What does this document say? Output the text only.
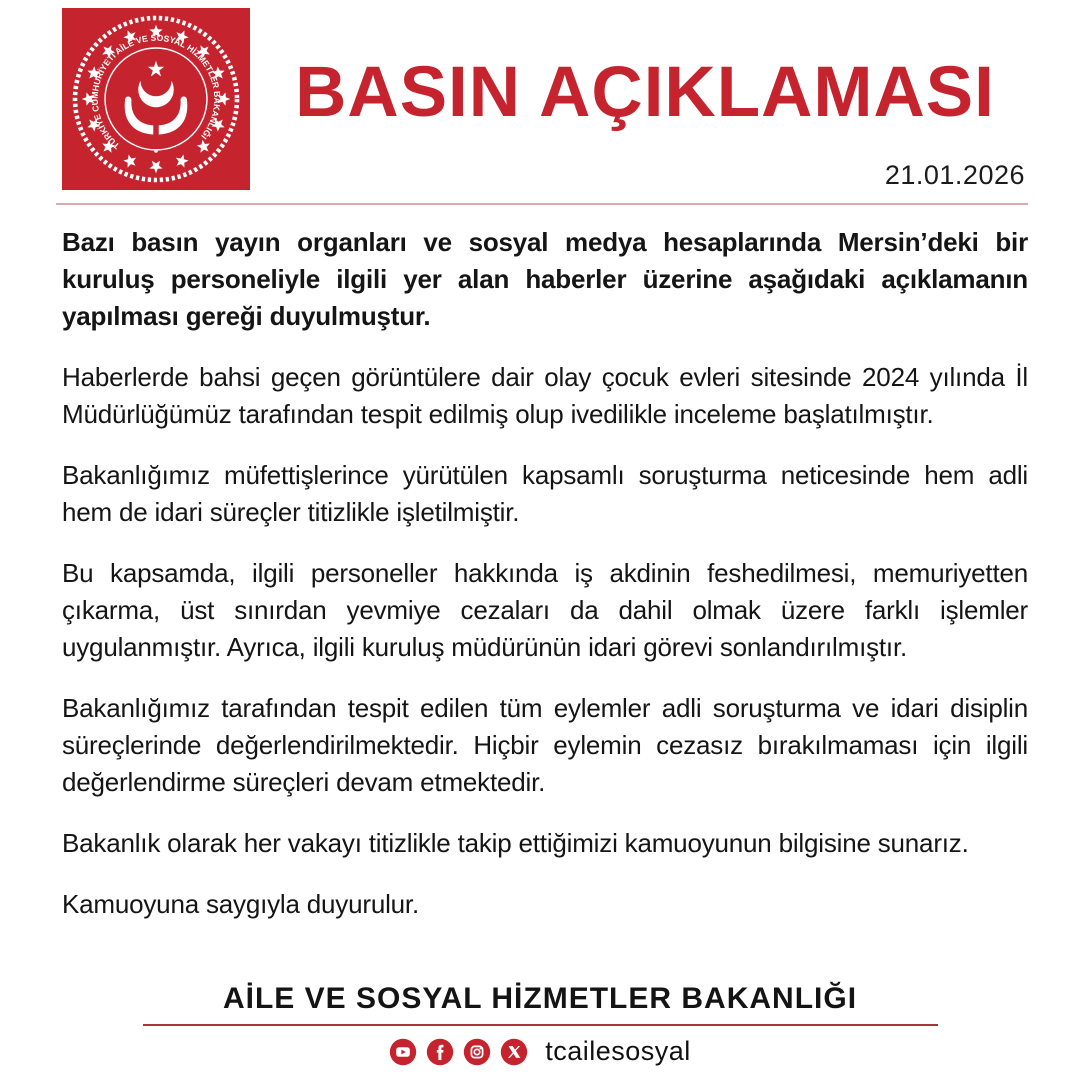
TÜRKİYE CUMHURİYETİ AİLE VE SOSYAL HİZMETLER BAKANLIĞI
BASIN AÇIKLAMASI
21.01.2026

Bazı basın yayın organları ve sosyal medya hesaplarında Mersin’deki bir kuruluş personeliyle ilgili yer alan haberler üzerine aşağıdaki açıklamanın yapılması gereği duyulmuştur.

Haberlerde bahsi geçen görüntülere dair olay çocuk evleri sitesinde 2024 yılında İl Müdürlüğümüz tarafından tespit edilmiş olup ivedilikle inceleme başlatılmıştır.

Bakanlığımız müfettişlerince yürütülen kapsamlı soruşturma neticesinde hem adli hem de idari süreçler titizlikle işletilmiştir.

Bu kapsamda, ilgili personeller hakkında iş akdinin feshedilmesi, memuriyetten çıkarma, üst sınırdan yevmiye cezaları da dahil olmak üzere farklı işlemler uygulanmıştır. Ayrıca, ilgili kuruluş müdürünün idari görevi sonlandırılmıştır.

Bakanlığımız tarafından tespit edilen tüm eylemler adli soruşturma ve idari disiplin süreçlerinde değerlendirilmektedir. Hiçbir eylemin cezasız bırakılmaması için ilgili değerlendirme süreçleri devam etmektedir.

Bakanlık olarak her vakayı titizlikle takip ettiğimizi kamuoyunun bilgisine sunarız.

Kamuoyuna saygıyla duyurulur.

AİLE VE SOSYAL HİZMETLER BAKANLIĞI
tcailesosyal
